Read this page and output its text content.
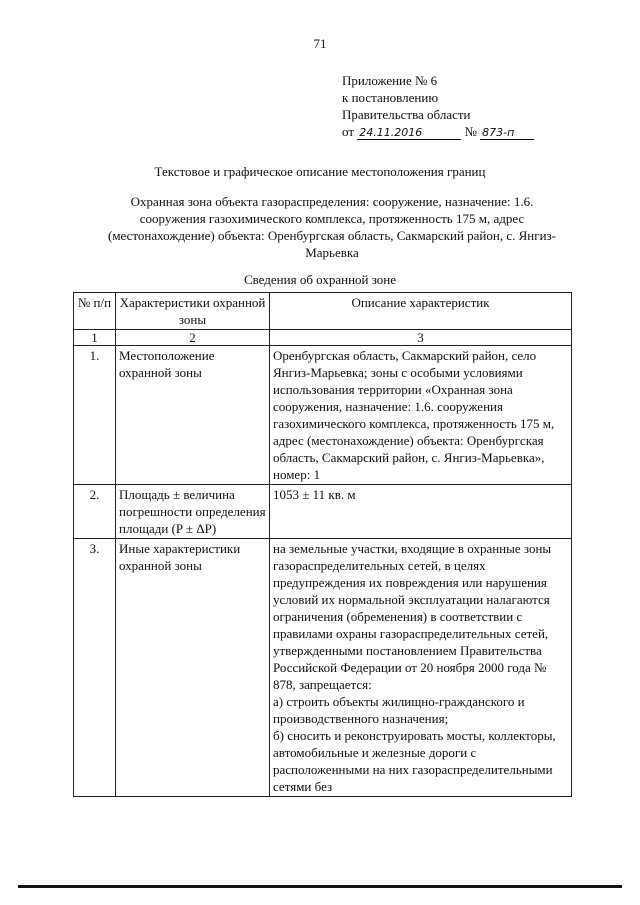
71
Приложение № 6
к постановлению
Правительства области
от 24.11.2016	№ 873-п
Текстовое и графическое описание местоположения границ
Охранная зона объекта газораспределения: сооружение, назначение: 1.6. сооружения газохимического комплекса, протяженность 175 м, адрес (местонахождение) объекта: Оренбургская область, Сакмарский район, с. Янгиз-Марьевка
Сведения об охранной зоне
№ п/п	Характеристики охранной зоны	Описание характеристик
1	2	3
1.	Местоположение охранной зоны	Оренбургская область, Сакмарский район, село Янгиз-Марьевка; зоны с особыми условиями использования территории «Охранная зона сооружения, назначение: 1.6. сооружения газохимического комплекса, протяженность 175 м, адрес (местонахождение) объекта: Оренбургская область, Сакмарский район, с. Янгиз-Марьевка», номер: 1
2.	Площадь ± величина погрешности определения площади (P ± ΔP)	1053 ± 11 кв. м
3.	Иные характеристики охранной зоны	на земельные участки, входящие в охранные зоны газораспределительных сетей, в целях предупреждения их повреждения или нарушения условий их нормальной эксплуатации налагаются ограничения (обременения) в соответствии с правилами охраны газораспределительных сетей, утвержденными постановлением Правительства Российской Федерации от 20 ноября 2000 года № 878, запрещается:
а) строить объекты жилищно-гражданского и производственного назначения;
б) сносить и реконструировать мосты, коллекторы, автомобильные и железные дороги с расположенными на них газораспределительными сетями без
